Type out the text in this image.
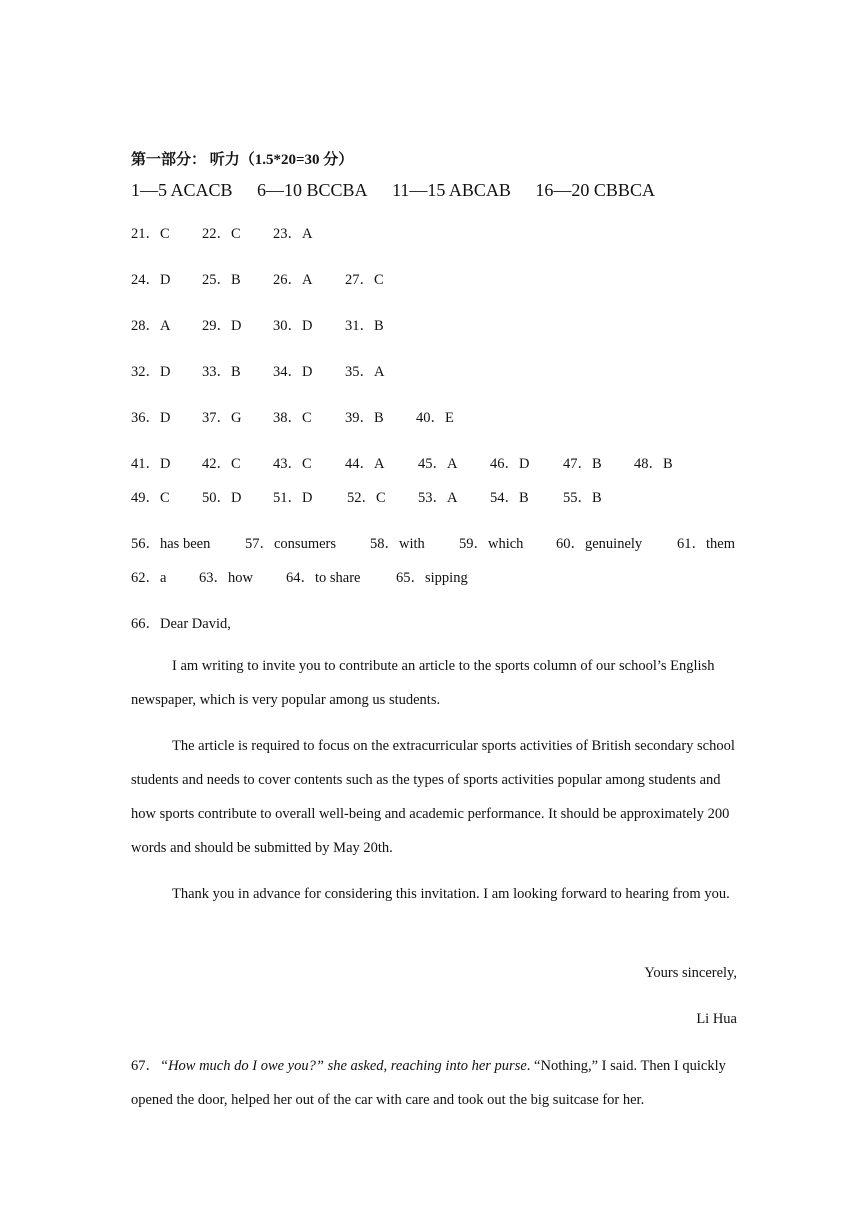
第一部分： 听力（1.5*20=30 分）
1—5 ACACB 6—10 BCCBA 11—15 ABCAB 16—20 CBBCA
21．C 22．C 23．A
24．D 25．B 26．A 27．C
28．A 29．D 30．D 31．B
32．D 33．B 34．D 35．A
36．D 37．G 38．C 39．B 40．E
41．D 42．C 43．C 44．A 45．A 46．D 47．B 48．B
49．C 50．D 51．D 52．C 53．A 54．B 55．B
56．has been 57．consumers 58．with 59．which 60．genuinely 61．them
62．a 63．how 64．to share 65．sipping
66．Dear David,
I am writing to invite you to contribute an article to the sports column of our school’s English newspaper, which is very popular among us students.
The article is required to focus on the extracurricular sports activities of British secondary school students and needs to cover contents such as the types of sports activities popular among students and how sports contribute to overall well-being and academic performance. It should be approximately 200 words and should be submitted by May 20th.
Thank you in advance for considering this invitation. I am looking forward to hearing from you.
Yours sincerely,
Li Hua
67．“How much do I owe you?” she asked, reaching into her purse. “Nothing,” I said. Then I quickly opened the door, helped her out of the car with care and took out the big suitcase for her.
